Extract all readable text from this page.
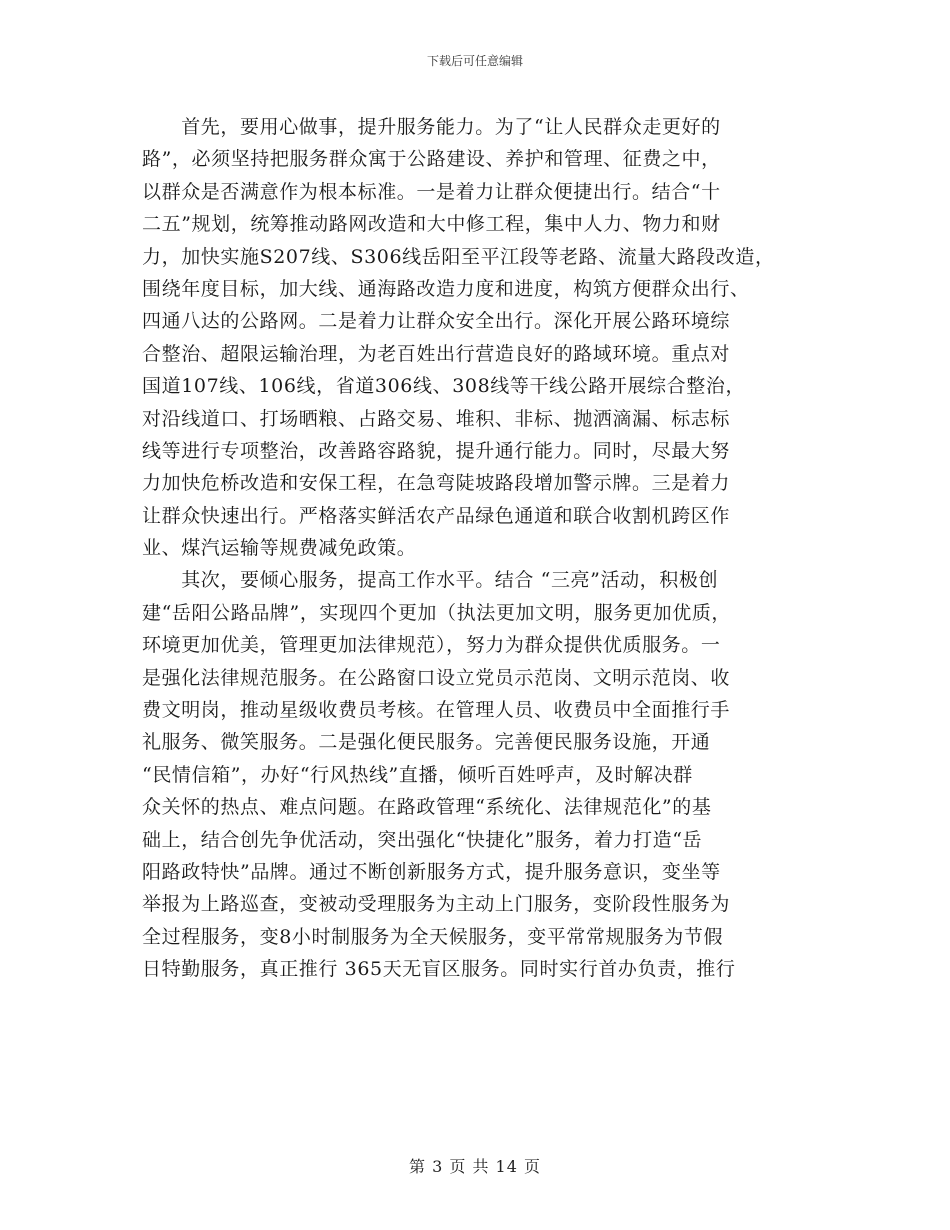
下载后可任意编辑
　　首先，要用心做事，提升服务能力。为了“让人民群众走更好的
路”，必须坚持把服务群众寓于公路建设、养护和管理、征费之中，
以群众是否满意作为根本标准。一是着力让群众便捷出行。结合“十
二五”规划，统筹推动路网改造和大中修工程，集中人力、物力和财
力，加快实施S207线、S306线岳阳至平江段等老路、流量大路段改造，
围绕年度目标，加大线、通海路改造力度和进度，构筑方便群众出行、
四通八达的公路网。二是着力让群众安全出行。深化开展公路环境综
合整治、超限运输治理，为老百姓出行营造良好的路域环境。重点对
国道107线、106线，省道306线、308线等干线公路开展综合整治，
对沿线道口、打场晒粮、占路交易、堆积、非标、抛洒滴漏、标志标
线等进行专项整治，改善路容路貌，提升通行能力。同时，尽最大努
力加快危桥改造和安保工程，在急弯陡坡路段增加警示牌。三是着力
让群众快速出行。严格落实鲜活农产品绿色通道和联合收割机跨区作
业、煤汽运输等规费减免政策。
　　其次，要倾心服务，提高工作水平。结合 “三亮”活动，积极创
建“岳阳公路品牌”，实现四个更加（执法更加文明，服务更加优质，
环境更加优美，管理更加法律规范），努力为群众提供优质服务。一
是强化法律规范服务。在公路窗口设立党员示范岗、文明示范岗、收
费文明岗，推动星级收费员考核。在管理人员、收费员中全面推行手
礼服务、微笑服务。二是强化便民服务。完善便民服务设施，开通
“民情信箱”，办好“行风热线”直播，倾听百姓呼声，及时解决群
众关怀的热点、难点问题。在路政管理“系统化、法律规范化”的基
础上，结合创先争优活动，突出强化“快捷化”服务，着力打造“岳
阳路政特快”品牌。通过不断创新服务方式，提升服务意识，变坐等
举报为上路巡查，变被动受理服务为主动上门服务，变阶段性服务为
全过程服务，变8小时制服务为全天候服务，变平常常规服务为节假
日特勤服务，真正推行 365天无盲区服务。同时实行首办负责，推行
第 3 页 共 14 页
